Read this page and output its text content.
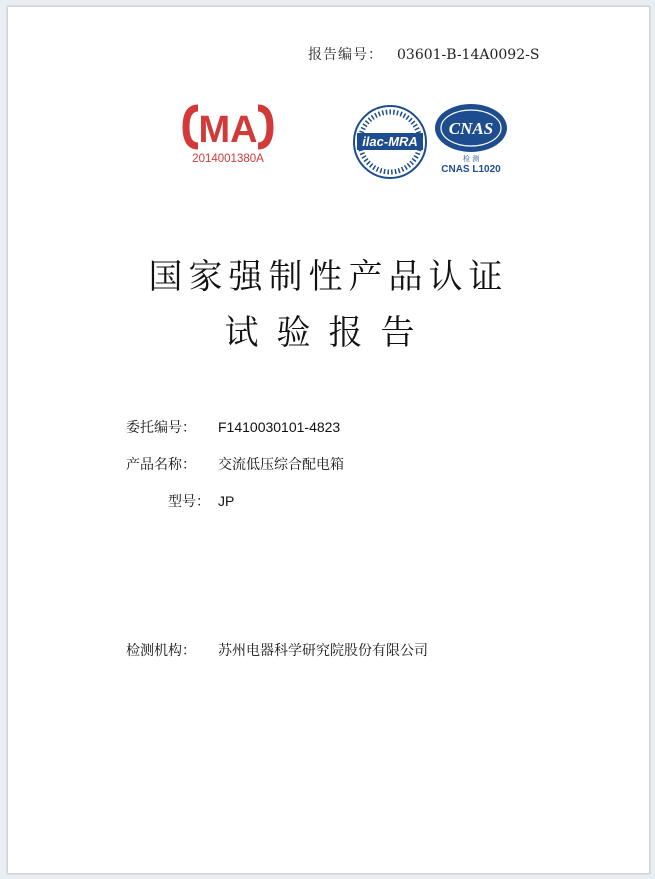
报告编号： 03601-B-14A0092-S
MA
2014001380A
ilac-MRA
CNAS
检 测
CNAS L1020
国家强制性产品认证
试验报告
委托编号： F1410030101-4823
产品名称： 交流低压综合配电箱
型号： JP
检测机构： 苏州电器科学研究院股份有限公司
